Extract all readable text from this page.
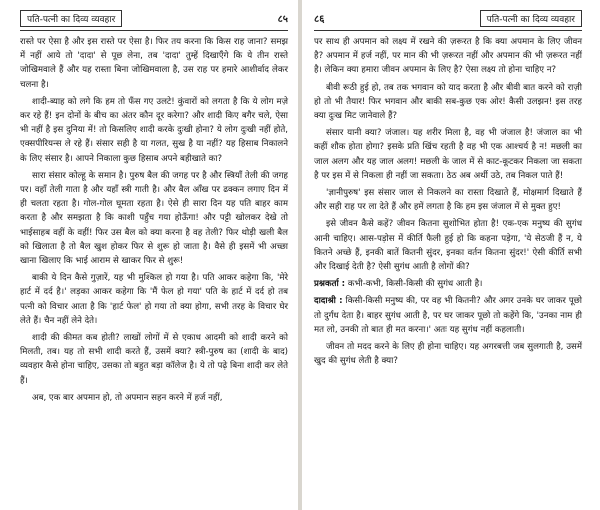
पति-पत्नी का दिव्य व्यवहार	८५

रास्ते पर ऐसा है और इस रास्ते पर ऐसा है। फिर तय करना कि किस राह जाना? समझ में नहीं आये तो 'दादा' से पूछ लेना, तब 'दादा' तुम्हें दिखाएँगे कि ये तीन रास्ते जोखिमवाले हैं और यह रास्ता बिना जोखिमवाला है, उस राह पर हमारे आशीर्वाद लेकर चलना है।

शादी-ब्याह को लगे कि हम तो फँस गए उलटे! कुंवारों को लगता है कि ये लोग मज़े कर रहे हैं! इन दोनों के बीच का अंतर कौन दूर करेगा? और शादी किए बगैर चले, ऐसा भी नहीं है इस दुनिया में! तो किसलिए शादी करके दुःखी होना? ये लोग दुःखी नहीं होते, एक्सपीरियन्स ले रहे हैं। संसार सही है या गलत, सुख है या नहीं? यह हिसाब निकालने के लिए संसार है। आपने निकाला कुछ हिसाब अपने बहीखाते का?

सारा संसार कोल्हू के समान है। पुरुष बैल की जगह पर है और स्त्रियाँ तेली की जगह पर। वहाँ तेली गाता है और यहाँ स्त्री गाती है। और बैल आँख पर ढक्कन लगाए दिन में ही चलता रहता है। गोल-गोल घूमता रहता है। ऐसे ही सारा दिन यह पति बाहर काम करता है और समझता है कि काशी पहुँच गया होऊँगा! और पट्टी खोलकर देखे तो भाईसाहब वहीं के वहीं! फिर उस बैल को क्या करना है वह तेली? फिर थोड़ी खली बैल को खिलाता है तो बैल खुश होकर फिर से शुरू हो जाता है। वैसे ही इसमें भी अच्छा खाना खिलाए कि भाई आराम से खाकर फिर से शुरू!

बाकी ये दिन कैसे गुज़ारें, यह भी मुश्किल हो गया है। पति आकर कहेगा कि, 'मेरे हार्ट में दर्द है।' लड़का आकर कहेगा कि 'मैं फेल हो गया' पति के हार्ट में दर्द हो तब पत्नी को विचार आता है कि 'हार्ट फेल' हो गया तो क्या होगा, सभी तरह के विचार घेर लेते हैं। चैन नहीं लेने देते।

शादी की कीमत कब होती? लाखों लोगों में से एकाध आदमी को शादी करने को मिलती, तब। यह तो सभी शादी करते हैं, उसमें क्या? स्त्री-पुरुष का (शादी के बाद) व्यवहार कैसे होना चाहिए, उसका तो बहुत बड़ा कॉलेज है। ये तो पढ़े बिना शादी कर लेते हैं।

अब, एक बार अपमान हो, तो अपमान सहन करने में हर्ज नहीं,

८६	पति-पत्नी का दिव्य व्यवहार

पर साथ ही अपमान को लक्ष्य में रखने की ज़रूरत है कि क्या अपमान के लिए जीवन है? अपमान में हर्ज नहीं, पर मान की भी ज़रूरत नहीं और अपमान की भी ज़रूरत नहीं है। लेकिन क्या हमारा जीवन अपमान के लिए है? ऐसा लक्ष्य तो होना चाहिए न?

बीवी रूठी हुई हो, तब तक भगवान को याद करता है और बीवी बात करने को राज़ी हो तो भी तैयार! फिर भगवान और बाकी सब-कुछ एक ओर! कैसी उलझन! इस तरह क्या दुःख मिट जानेवाले हैं?

संसार यानी क्या? जंजाल। यह शरीर मिला है, वह भी जंजाल है! जंजाल का भी कहीं शौक होता होगा? इसके प्रति खिंच रहती है वह भी एक आश्चर्य है न! मछली का जाल अलग और यह जाल अलग! मछली के जाल में से काट-कूटकर निकला जा सकता है पर इस में से निकला ही नहीं जा सकता। ठेठ अब अर्थी उठे, तब निकल पाते हैं!

'ज्ञानीपुरुष' इस संसार जाल से निकलने का रास्ता दिखाते हैं, मोक्षमार्ग दिखाते हैं और सही राह पर ला देते हैं और हमें लगता है कि हम इस जंजाल में से मुक्त हुए!

इसे जीवन कैसे कहें? जीवन कितना सुशोभित होता है! एक-एक मनुष्य की सुगंध आनी चाहिए। आस-पड़ोस में कीर्ति फैली हुई हो कि कहना पड़ेगा, 'ये सेठजी हैं न, ये कितने अच्छे हैं, इनकी बातें कितनी सुंदर, इनका वर्तन कितना सुंदर!' ऐसी कीर्ति सभी और दिखाई देती है? ऐसी सुगंध आती है लोगों की?

प्रश्नकर्ता : कभी-कभी, किसी-किसी की सुगंध आती है।
दादाश्री : किसी-किसी मनुष्य की, पर वह भी कितनी? और अगर उनके घर जाकर पूछो तो दुर्गंध देता है। बाहर सुगंध आती है, पर घर जाकर पूछो तो कहेंगे कि, 'उनका नाम ही मत लो, उनकी तो बात ही मत करना।' अतः यह सुगंध नहीं कहलाती।

जीवन तो मदद करने के लिए ही होना चाहिए। यह अगरबत्ती जब सुलगाती है, उसमें खुद की सुगंध लेती है क्या?
